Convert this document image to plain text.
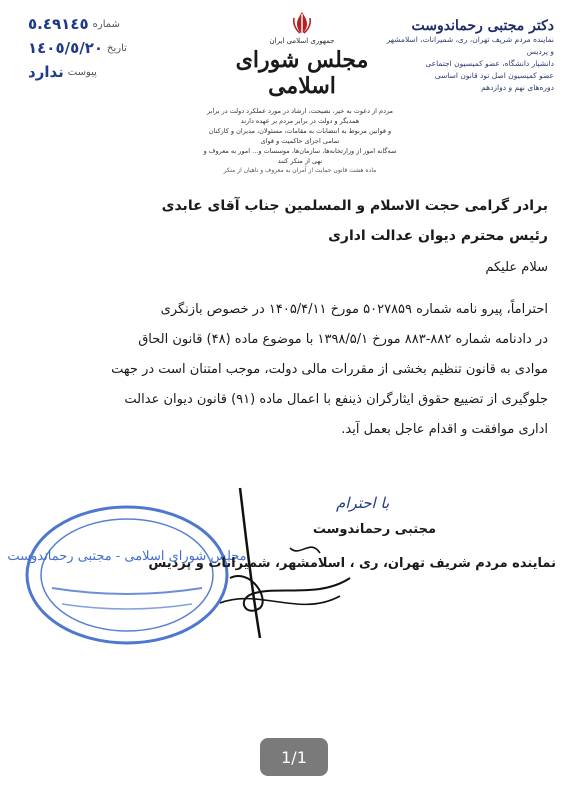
شماره
٥.٤٩١٤٥
تاریخ
١٤٠٥/٥/٢٠
پیوست
ندارد
جمهوری اسلامی ایران
مجلس شورای اسلامی
دکتر مجتبی رحماندوست
نماینده مردم شریف تهران، ری، شمیرانات، اسلامشهر و پردیس
دانشیار دانشگاه، عضو کمیسیون اجتماعی
عضو کمیسیون اصل نود قانون اساسی
دوره‌های نهم و دوازدهم
مردم از دعوت به خیر، نصیحت، ارشاد در مورد عملکرد دولت در برابر همدیگر و دولت در برابر مردم بر عهده دارند
و قوانین مربوط به انتصابات به مقامات، مسئولان، مدیران و کارکنان تمامی اجزای حاکمیت و قوای
سه‌گانه امور از وزارتخانه‌ها، سازمان‌ها، موسسات و... امور به معروف و نهی از منکر کنند
ماده هشت قانون حمایت از آمران به معروف و ناهیان از منکر
برادر گرامی حجت الاسلام و المسلمین جناب آقای عابدی
رئیس محترم دیوان عدالت اداری
سلام علیکم
احتراماً، پیرو نامه شماره ۵۰۲۷۸۵۹ مورخ ۱۴۰۵/۴/۱۱ در خصوص بازنگری
در دادنامه شماره ۸۸۲-۸۸۳ مورخ ۱۳۹۸/۵/۱ با موضوع ماده (۴۸) قانون الحاق
موادی به قانون تنظیم بخشی از مقررات مالی دولت، موجب امتنان است در جهت
جلوگیری از تضییع حقوق ایثارگران ذینفع با اعمال ماده (۹۱) قانون دیوان عدالت
اداری موافقت و اقدام عاجل بعمل آید.
با احترام
مجلس شورای اسلامی - مجتبی رحماندوست
مجتبی رحماندوست
نماینده مردم شریف تهران، ری ، اسلامشهر، شمیرانات و پردیس
1/1
